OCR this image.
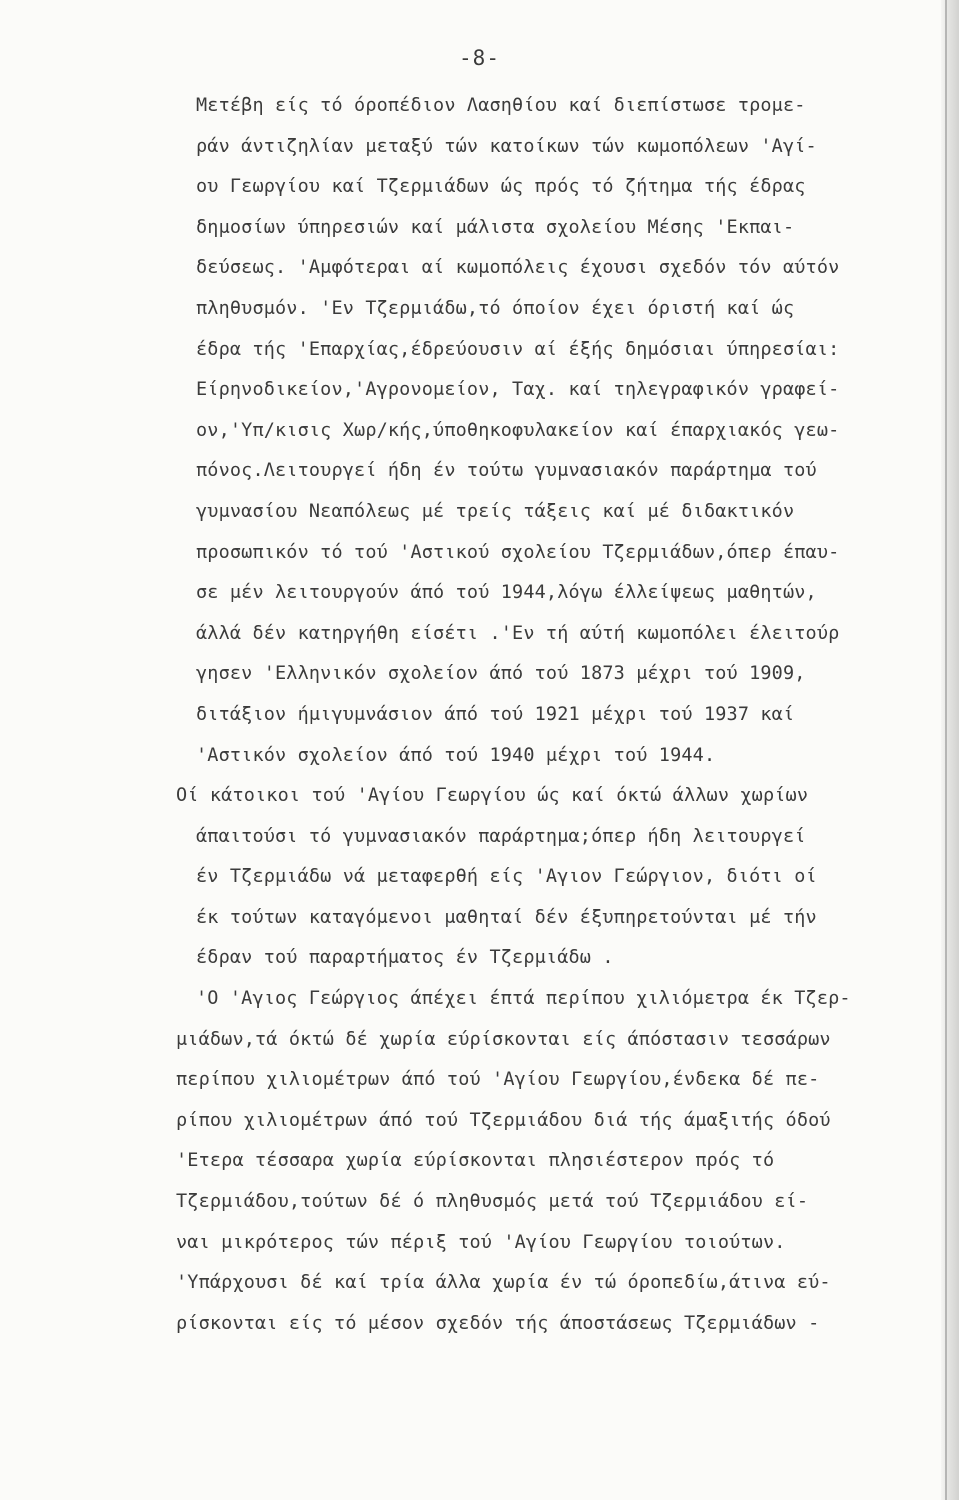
-8-
Μετέβη είς τό όροπέδιον Λασηθίου καί διεπίστωσε τρομε-
ράν άντιζηλίαν μεταξύ τών κατοίκων τών κωμοπόλεων 'Αγί-
ου Γεωργίου καί Τζερμιάδων ώς πρός τό ζήτημα τής έδρας
δημοσίων ύπηρεσιών καί μάλιστα σχολείου Μέσης 'Εκπαι-
δεύσεως. 'Αμφότεραι αί κωμοπόλεις έχουσι σχεδόν τόν αύτόν
πληθυσμόν. 'Εν Τζερμιάδω,τό όποίον έχει όριστή καί ώς
έδρα τής 'Επαρχίας,έδρεύουσιν αί έξής δημόσιαι ύπηρεσίαι:
Είρηνοδικείον,'Αγρονομείον, Ταχ. καί τηλεγραφικόν γραφεί-
ον,'Υπ/κισις Χωρ/κής,ύποθηκοφυλακείον καί έπαρχιακός γεω-
πόνος.Λειτουργεί ήδη έν τούτω γυμνασιακόν παράρτημα τού
γυμνασίου Νεαπόλεως μέ τρείς τάξεις καί μέ διδακτικόν
προσωπικόν τό τού 'Αστικού σχολείου Τζερμιάδων,όπερ έπαυ-
σε μέν λειτουργούν άπό τού 1944,λόγω έλλείψεως μαθητών,
άλλά δέν κατηργήθη είσέτι .'Εν τή αύτή κωμοπόλει έλειτούρ
γησεν 'Ελληνικόν σχολείον άπό τού 1873 μέχρι τού 1909,
διτάξιον ήμιγυμνάσιον άπό τού 1921 μέχρι τού 1937 καί
'Αστικόν σχολείον άπό τού 1940 μέχρι τού 1944.
Οί κάτοικοι τού 'Αγίου Γεωργίου ώς καί όκτώ άλλων χωρίων
άπαιτούσι τό γυμνασιακόν παράρτημα;όπερ ήδη λειτουργεί
έν Τζερμιάδω νά μεταφερθή είς 'Αγιον Γεώργιον, διότι οί
έκ τούτων καταγόμενοι μαθηταί δέν έξυπηρετούνται μέ τήν
έδραν τού παραρτήματος έν Τζερμιάδω .
'Ο 'Αγιος Γεώργιος άπέχει έπτά περίπου χιλιόμετρα έκ Τζερ-
μιάδων,τά όκτώ δέ χωρία εύρίσκονται είς άπόστασιν τεσσάρων
περίπου χιλιομέτρων άπό τού 'Αγίου Γεωργίου,ένδεκα δέ πε-
ρίπου χιλιομέτρων άπό τού Τζερμιάδου διά τής άμαξιτής όδού
'Ετερα τέσσαρα χωρία εύρίσκονται πλησιέστερον πρός τό
Τζερμιάδου,τούτων δέ ό πληθυσμός μετά τού Τζερμιάδου εί-
ναι μικρότερος τών πέριξ τού 'Αγίου Γεωργίου τοιούτων.
'Υπάρχουσι δέ καί τρία άλλα χωρία έν τώ όροπεδίω,άτινα εύ-
ρίσκονται είς τό μέσον σχεδόν τής άποστάσεως Τζερμιάδων -
